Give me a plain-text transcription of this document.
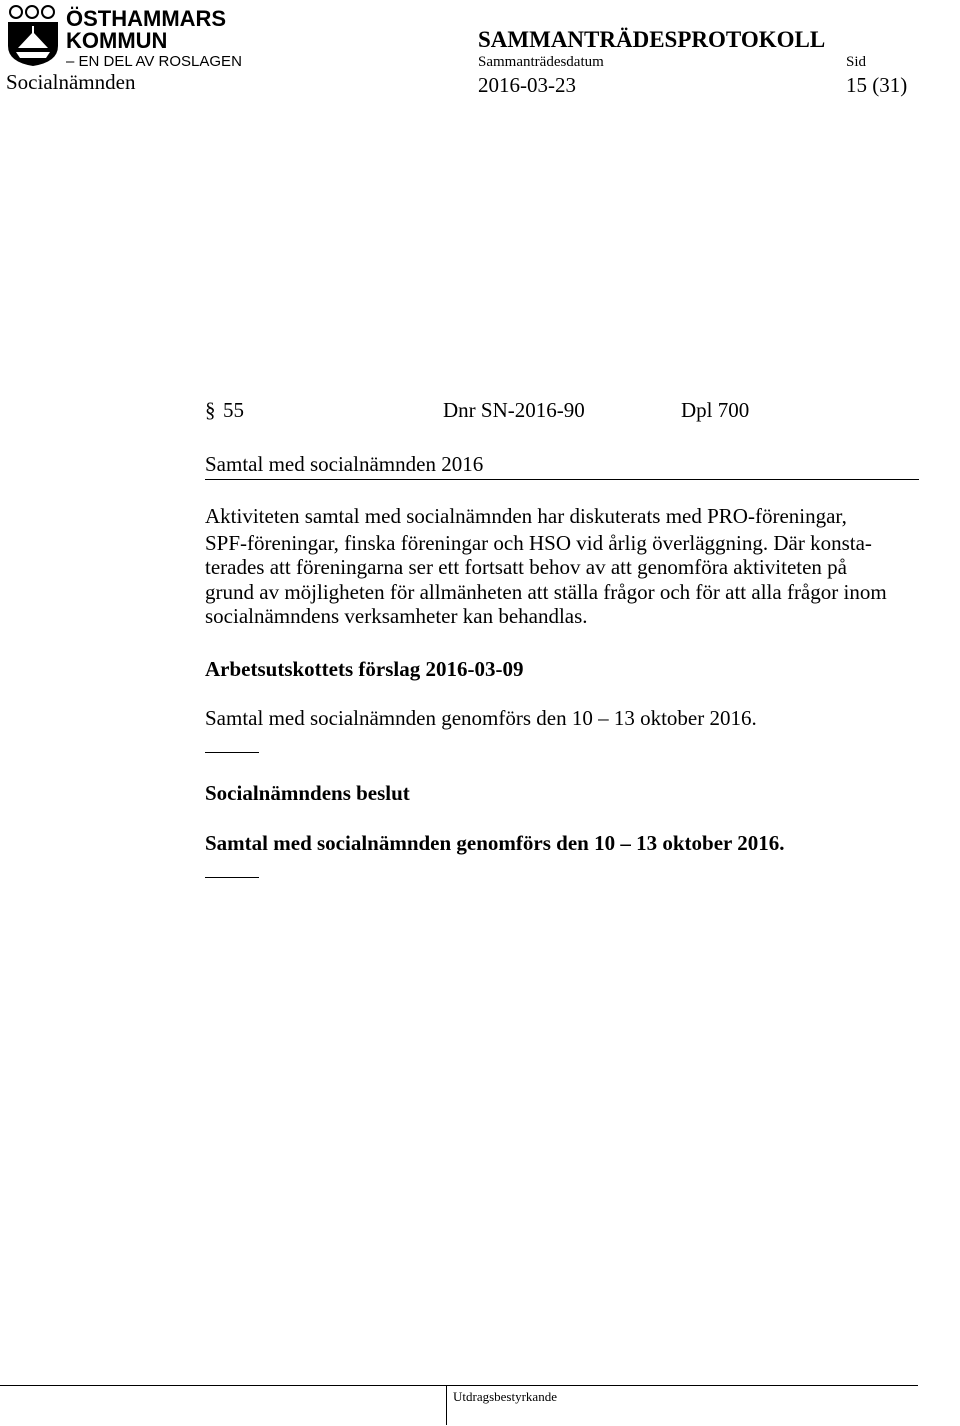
ÖSTHAMMARS
KOMMUN
– EN DEL AV ROSLAGEN
Socialnämnden
SAMMANTRÄDESPROTOKOLL
Sammanträdesdatum	Sid
2016-03-23	15 (31)
§ 55	Dnr SN-2016-90	Dpl 700
Samtal med socialnämnden 2016
Aktiviteten samtal med socialnämnden har diskuterats med PRO-föreningar,
SPF-föreningar, finska föreningar och HSO vid årlig överläggning. Där konsta-
terades att föreningarna ser ett fortsatt behov av att genomföra aktiviteten på
grund av möjligheten för allmänheten att ställa frågor och för att alla frågor inom
socialnämndens verksamheter kan behandlas.
Arbetsutskottets förslag 2016-03-09
Samtal med socialnämnden genomförs den 10 – 13 oktober 2016.
Socialnämndens beslut
Samtal med socialnämnden genomförs den 10 – 13 oktober 2016.
Utdragsbestyrkande
